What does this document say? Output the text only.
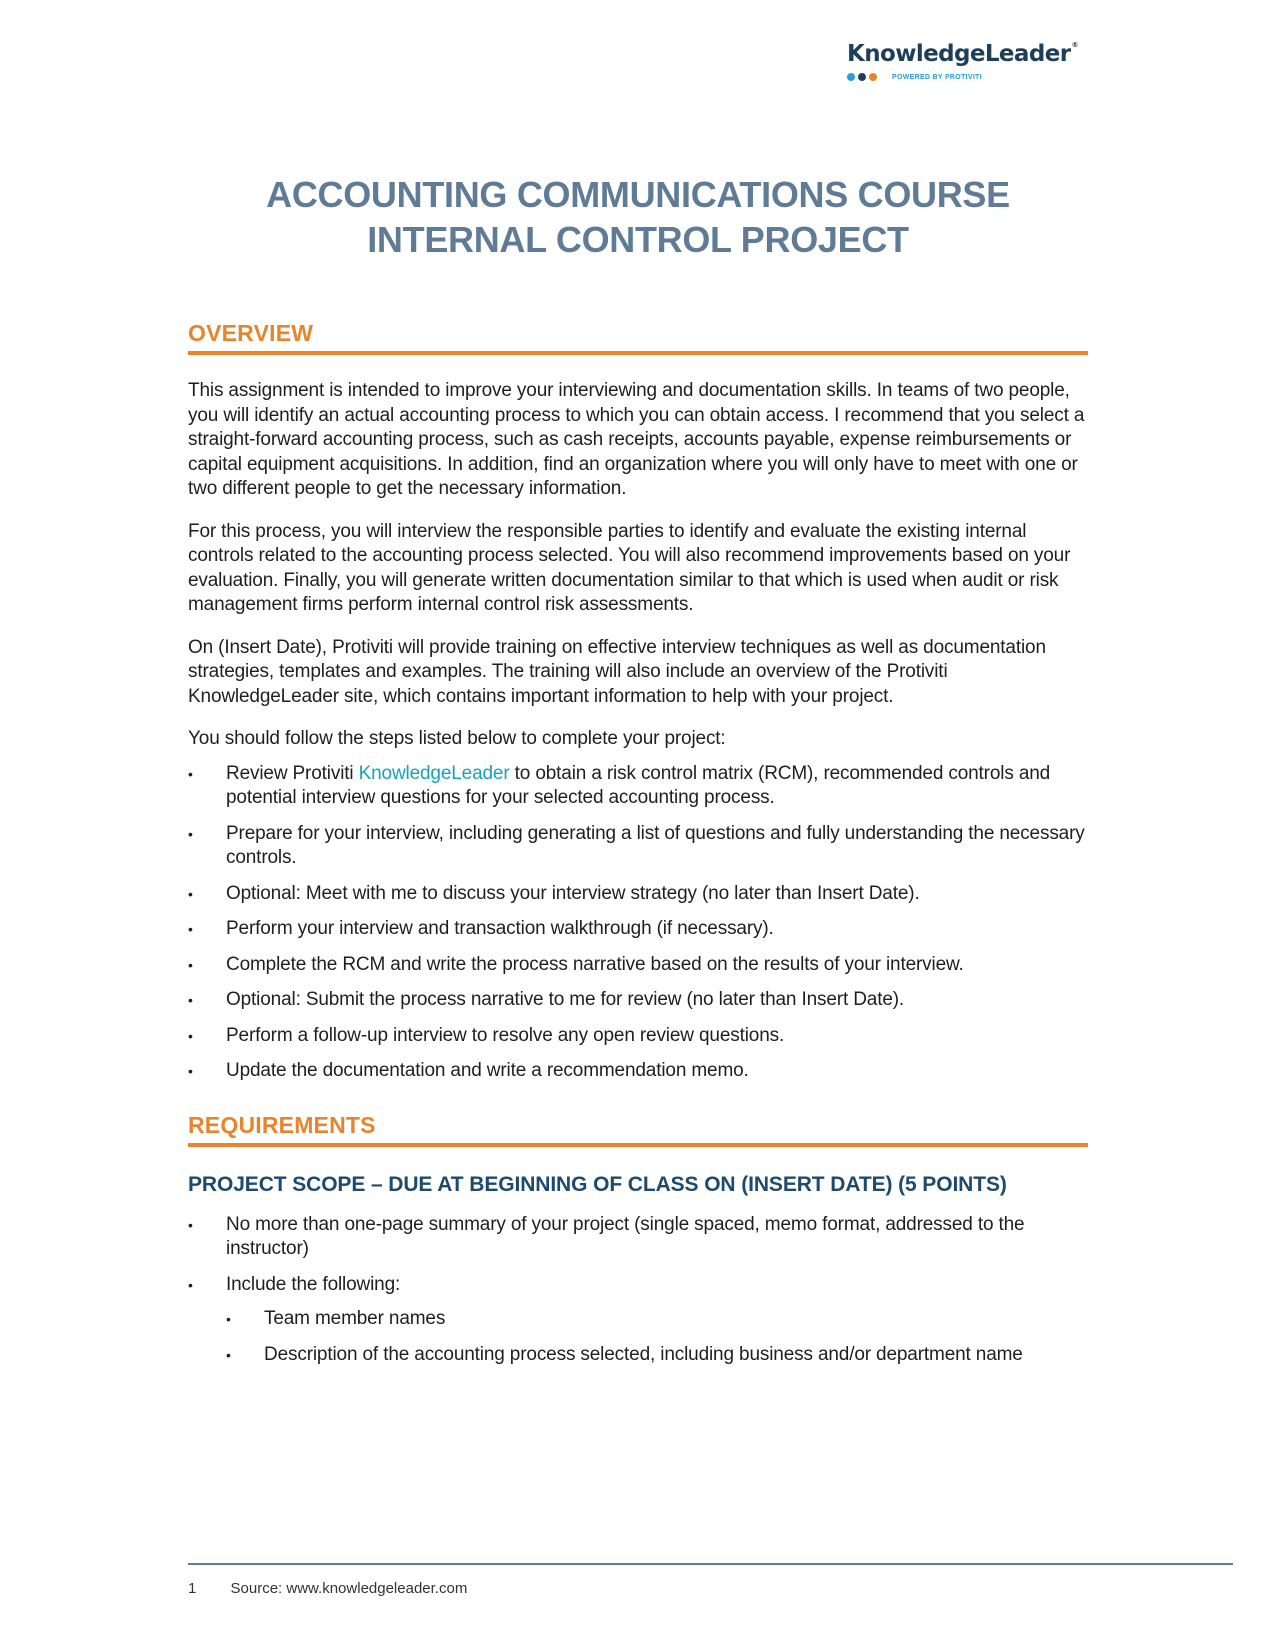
KnowledgeLeader®
POWERED BY PROTIVITI
ACCOUNTING COMMUNICATIONS COURSE
INTERNAL CONTROL PROJECT
OVERVIEW

This assignment is intended to improve your interviewing and documentation skills. In teams of two people, you will identify an actual accounting process to which you can obtain access. I recommend that you select a straight-forward accounting process, such as cash receipts, accounts payable, expense reimbursements or capital equipment acquisitions. In addition, find an organization where you will only have to meet with one or two different people to get the necessary information.

For this process, you will interview the responsible parties to identify and evaluate the existing internal controls related to the accounting process selected. You will also recommend improvements based on your evaluation. Finally, you will generate written documentation similar to that which is used when audit or risk management firms perform internal control risk assessments.

On (Insert Date), Protiviti will provide training on effective interview techniques as well as documentation strategies, templates and examples. The training will also include an overview of the Protiviti KnowledgeLeader site, which contains important information to help with your project.

You should follow the steps listed below to complete your project:

• Review Protiviti KnowledgeLeader to obtain a risk control matrix (RCM), recommended controls and potential interview questions for your selected accounting process.
• Prepare for your interview, including generating a list of questions and fully understanding the necessary controls.
• Optional: Meet with me to discuss your interview strategy (no later than Insert Date).
• Perform your interview and transaction walkthrough (if necessary).
• Complete the RCM and write the process narrative based on the results of your interview.
• Optional: Submit the process narrative to me for review (no later than Insert Date).
• Perform a follow-up interview to resolve any open review questions.
• Update the documentation and write a recommendation memo.
REQUIREMENTS
PROJECT SCOPE – DUE AT BEGINNING OF CLASS ON (INSERT DATE) (5 POINTS)
• No more than one-page summary of your project (single spaced, memo format, addressed to the instructor)
• Include the following:
• Team member names
• Description of the accounting process selected, including business and/or department name
1 Source: www.knowledgeleader.com
